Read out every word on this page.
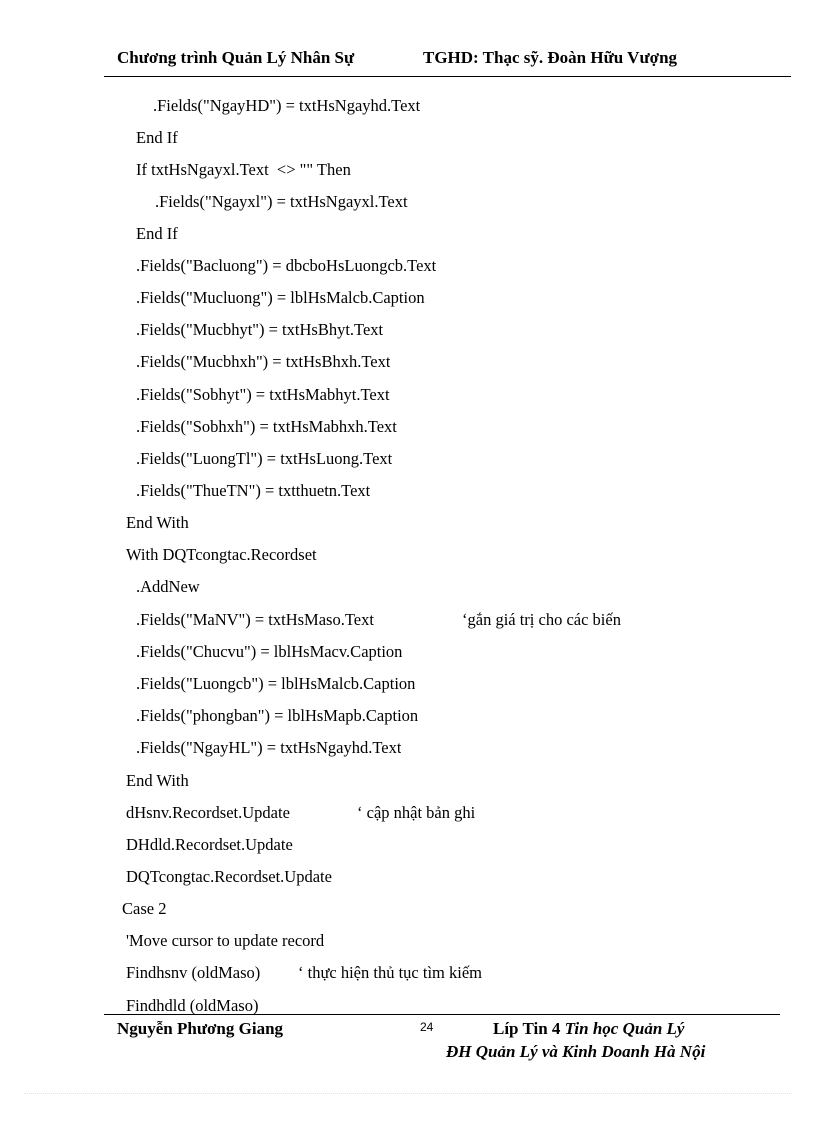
Chương trình Quản Lý Nhân Sự	TGHD: Thạc sỹ. Đoàn Hữu Vượng
.Fields("NgayHD") = txtHsNgayhd.Text
End If
If txtHsNgayxl.Text  <> "" Then
.Fields("Ngayxl") = txtHsNgayxl.Text
End If
.Fields("Bacluong") = dbcboHsLuongcb.Text
.Fields("Mucluong") = lblHsMalcb.Caption
.Fields("Mucbhyt") = txtHsBhyt.Text
.Fields("Mucbhxh") = txtHsBhxh.Text
.Fields("Sobhyt") = txtHsMabhyt.Text
.Fields("Sobhxh") = txtHsMabhxh.Text
.Fields("LuongTl") = txtHsLuong.Text
.Fields("ThueTN") = txtthuetn.Text
End With
With DQTcongtac.Recordset
.AddNew
.Fields("MaNV") = txtHsMaso.Text	‘gắn giá trị cho các biến
.Fields("Chucvu") = lblHsMacv.Caption
.Fields("Luongcb") = lblHsMalcb.Caption
.Fields("phongban") = lblHsMapb.Caption
.Fields("NgayHL") = txtHsNgayhd.Text
End With
dHsnv.Recordset.Update	‘ cập nhật bản ghi
DHdld.Recordset.Update
DQTcongtac.Recordset.Update
Case 2
'Move cursor to update record
Findhsnv (oldMaso) ‘ thực hiện thủ tục tìm kiếm
Findhdld (oldMaso)
Nguyễn Phương Giang	24	Líp Tin 4 Tin học Quản Lý
ĐH Quản Lý và Kinh Doanh Hà Nội
